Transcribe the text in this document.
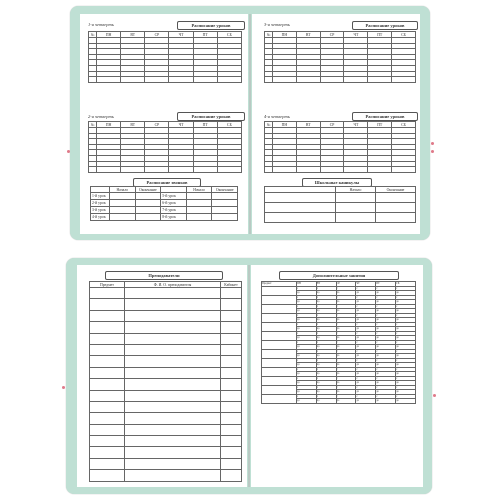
1-я четверть	Расписание уроков
№	ПН	ВТ	СР	ЧТ	ПТ	СБ

2-я четверть	Расписание уроков
№	ПН	ВТ	СР	ЧТ	ПТ	СБ

Расписание звонков
	Начало	Окончание		Начало	Окончание
1-й урок			5-й урок		
2-й урок			6-й урок		
3-й урок			7-й урок		
4-й урок			8-й урок		
3-я четверть	Расписание уроков
№	ПН	ВТ	СР	ЧТ	ПТ	СБ

4-я четверть	Расписание уроков
№	ПН	ВТ	СР	ЧТ	ПТ	СБ

Школьные каникулы
	Начало	Окончание

Преподаватели
Предмет	Ф. И. О. преподавателя	Кабинет

Дополнительные занятия
Предмет	ПН	ВТ	СР	ЧТ	ПТ	СБ
	с	с	с	с	с	с
	до	до	до	до	до	до
	с	с	с	с	с	с
	до	до	до	до	до	до
	с	с	с	с	с	с
	до	до	до	до	до	до
	с	с	с	с	с	с
	до	до	до	до	до	до
	с	с	с	с	с	с
	до	до	до	до	до	до
	с	с	с	с	с	с
	до	до	до	до	до	до
	с	с	с	с	с	с
	до	до	до	до	до	до
	с	с	с	с	с	с
	до	до	до	до	до	до
	с	с	с	с	с	с
	до	до	до	до	до	до
	с	с	с	с	с	с
	до	до	до	до	до	до
	с	с	с	с	с	с
	до	до	до	до	до	до
	с	с	с	с	с	с
	до	до	до	до	до	до
	с	с	с	с	с	с
	до	до	до	до	до	до
